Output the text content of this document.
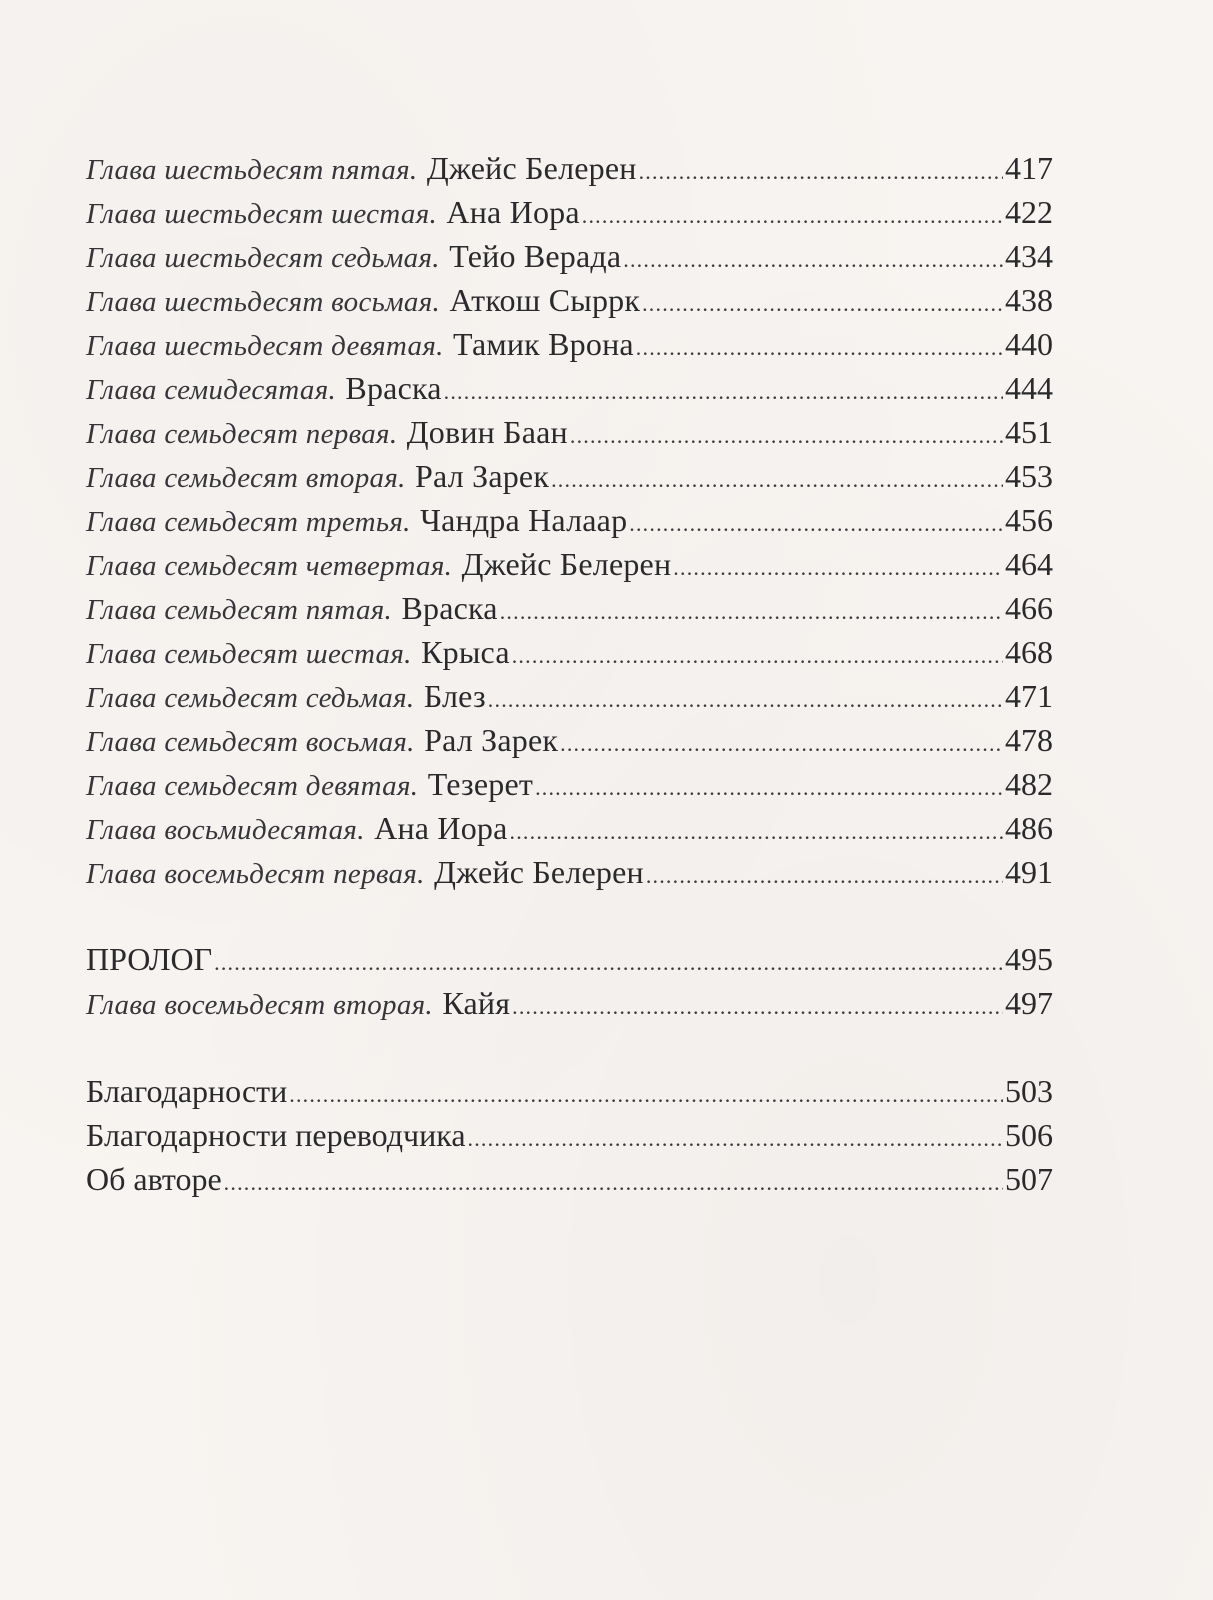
Глава шестьдесят пятая. Джейс Белерен .....	417
Глава шестьдесят шестая. Ана Иора .....	422
Глава шестьдесят седьмая. Тейо Верада .....	434
Глава шестьдесят восьмая. Аткош Сыррк .....	438
Глава шестьдесят девятая. Тамик Врона .....	440
Глава семидесятая. Враска .....	444
Глава семьдесят первая. Довин Баан .....	451
Глава семьдесят вторая. Рал Зарек .....	453
Глава семьдесят третья. Чандра Налаар .....	456
Глава семьдесят четвертая. Джейс Белерен .....	464
Глава семьдесят пятая. Враска .....	466
Глава семьдесят шестая. Крыса .....	468
Глава семьдесят седьмая. Блез .....	471
Глава семьдесят восьмая. Рал Зарек .....	478
Глава семьдесят девятая. Тезерет .....	482
Глава восьмидесятая. Ана Иора .....	486
Глава восемьдесят первая. Джейс Белерен .....	491
ПРОЛОГ .....	495
Глава восемьдесят вторая. Кайя .....	497
Благодарности .....	503
Благодарности переводчика .....	506
Об авторе .....	507
